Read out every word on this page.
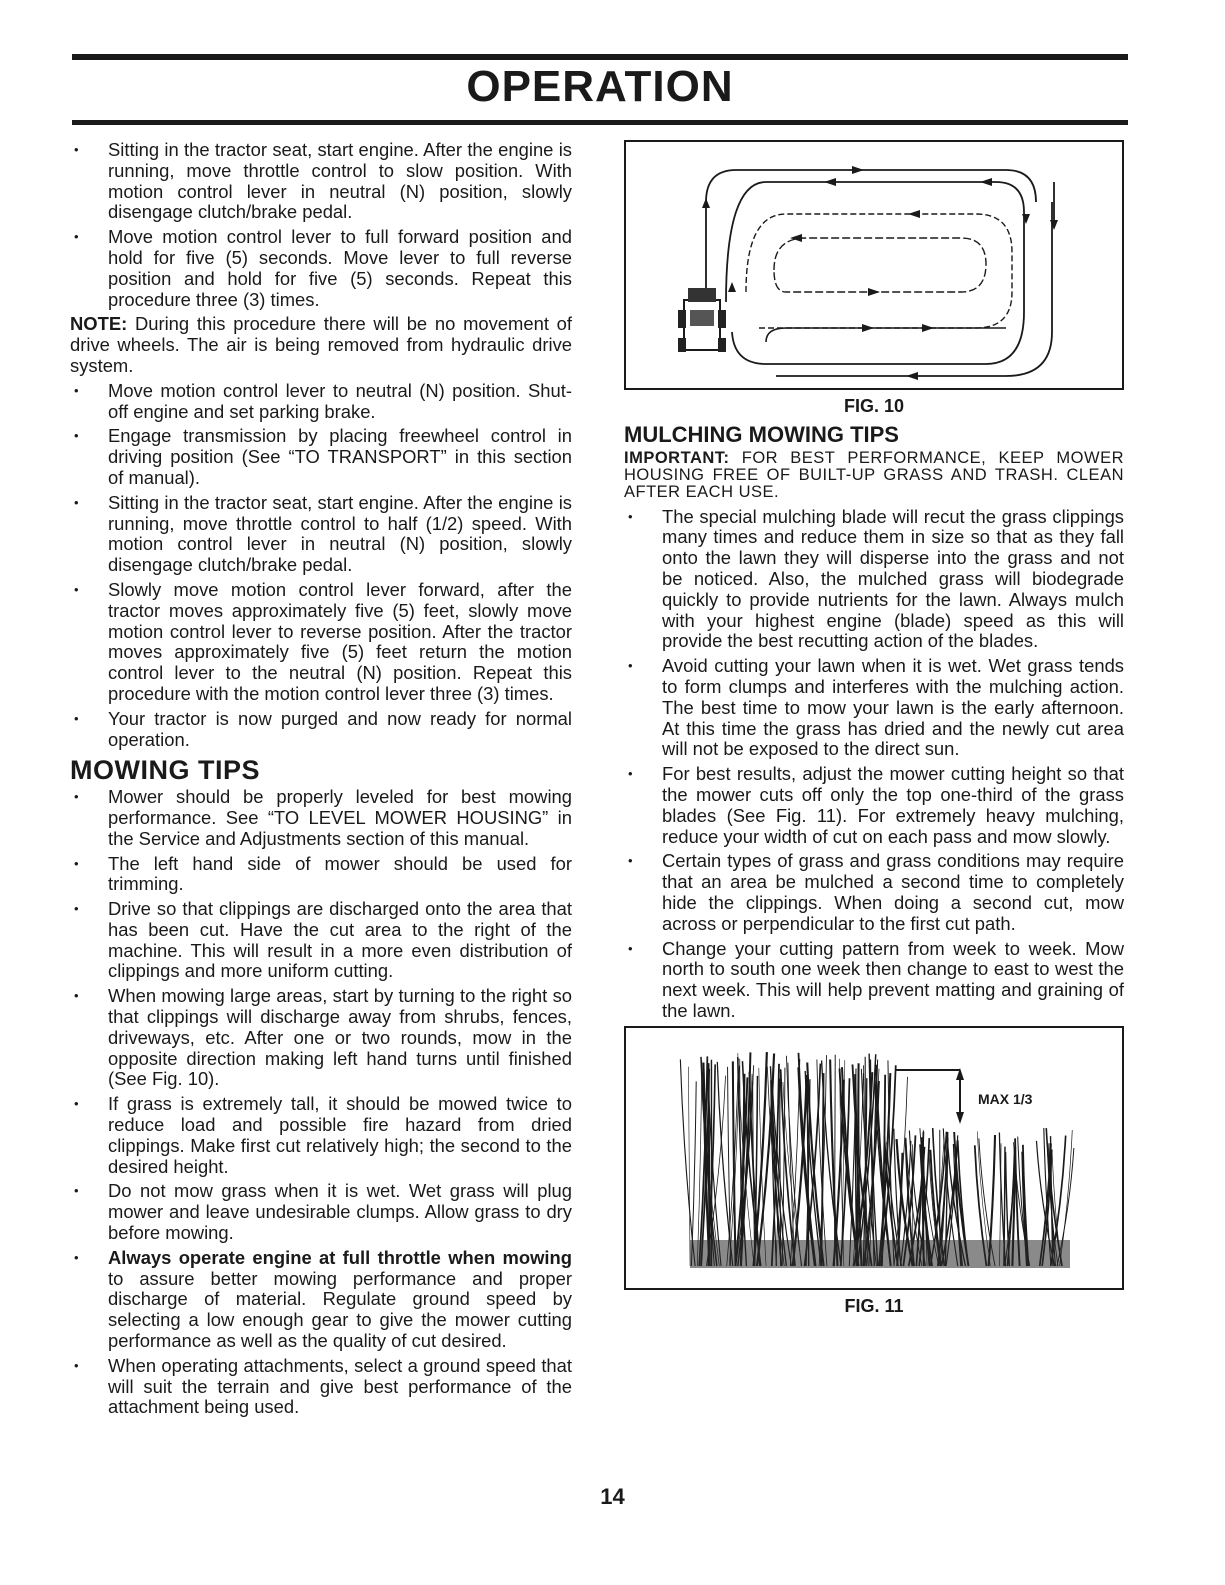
OPERATION
• Sitting in the tractor seat, start engine. After the engine is running, move throttle control to slow position. With motion control lever in neutral (N) position, slowly disengage clutch/brake pedal.
• Move motion control lever to full forward position and hold for five (5) seconds. Move lever to full reverse position and hold for five (5) seconds. Repeat this procedure three (3) times.
NOTE: During this procedure there will be no movement of drive wheels. The air is being removed from hydraulic drive system.
• Move motion control lever to neutral (N) position. Shut-off engine and set parking brake.
• Engage transmission by placing freewheel control in driving position (See “TO TRANSPORT” in this section of manual).
• Sitting in the tractor seat, start engine. After the engine is running, move throttle control to half (1/2) speed. With motion control lever in neutral (N) position, slowly disengage clutch/brake pedal.
• Slowly move motion control lever forward, after the tractor moves approximately five (5) feet, slowly move motion control lever to reverse position. After the tractor moves approximately five (5) feet return the motion control lever to the neutral (N) position. Repeat this procedure with the motion control lever three (3) times.
• Your tractor is now purged and now ready for normal operation.
MOWING TIPS
• Mower should be properly leveled for best mowing performance. See “TO LEVEL MOWER HOUSING” in the Service and Adjustments section of this manual.
• The left hand side of mower should be used for trimming.
• Drive so that clippings are discharged onto the area that has been cut. Have the cut area to the right of the machine. This will result in a more even distribution of clippings and more uniform cutting.
• When mowing large areas, start by turning to the right so that clippings will discharge away from shrubs, fences, driveways, etc. After one or two rounds, mow in the opposite direction making left hand turns until finished (See Fig. 10).
• If grass is extremely tall, it should be mowed twice to reduce load and possible fire hazard from dried clippings. Make first cut relatively high; the second to the desired height.
• Do not mow grass when it is wet. Wet grass will plug mower and leave undesirable clumps. Allow grass to dry before mowing.
• Always operate engine at full throttle when mowing to assure better mowing performance and proper discharge of material. Regulate ground speed by selecting a low enough gear to give the mower cutting performance as well as the quality of cut desired.
• When operating attachments, select a ground speed that will suit the terrain and give best performance of the attachment being used.
FIG. 10
MULCHING MOWING TIPS
IMPORTANT: FOR BEST PERFORMANCE, KEEP MOWER HOUSING FREE OF BUILT-UP GRASS AND TRASH. CLEAN AFTER EACH USE.
• The special mulching blade will recut the grass clippings many times and reduce them in size so that as they fall onto the lawn they will disperse into the grass and not be noticed. Also, the mulched grass will biodegrade quickly to provide nutrients for the lawn. Always mulch with your highest engine (blade) speed as this will provide the best recutting action of the blades.
• Avoid cutting your lawn when it is wet. Wet grass tends to form clumps and interferes with the mulching action. The best time to mow your lawn is the early afternoon. At this time the grass has dried and the newly cut area will not be exposed to the direct sun.
• For best results, adjust the mower cutting height so that the mower cuts off only the top one-third of the grass blades (See Fig. 11). For extremely heavy mulching, reduce your width of cut on each pass and mow slowly.
• Certain types of grass and grass conditions may require that an area be mulched a second time to completely hide the clippings. When doing a second cut, mow across or perpendicular to the first cut path.
• Change your cutting pattern from week to week. Mow north to south one week then change to east to west the next week. This will help prevent matting and graining of the lawn.
MAX 1/3
FIG. 11
14
